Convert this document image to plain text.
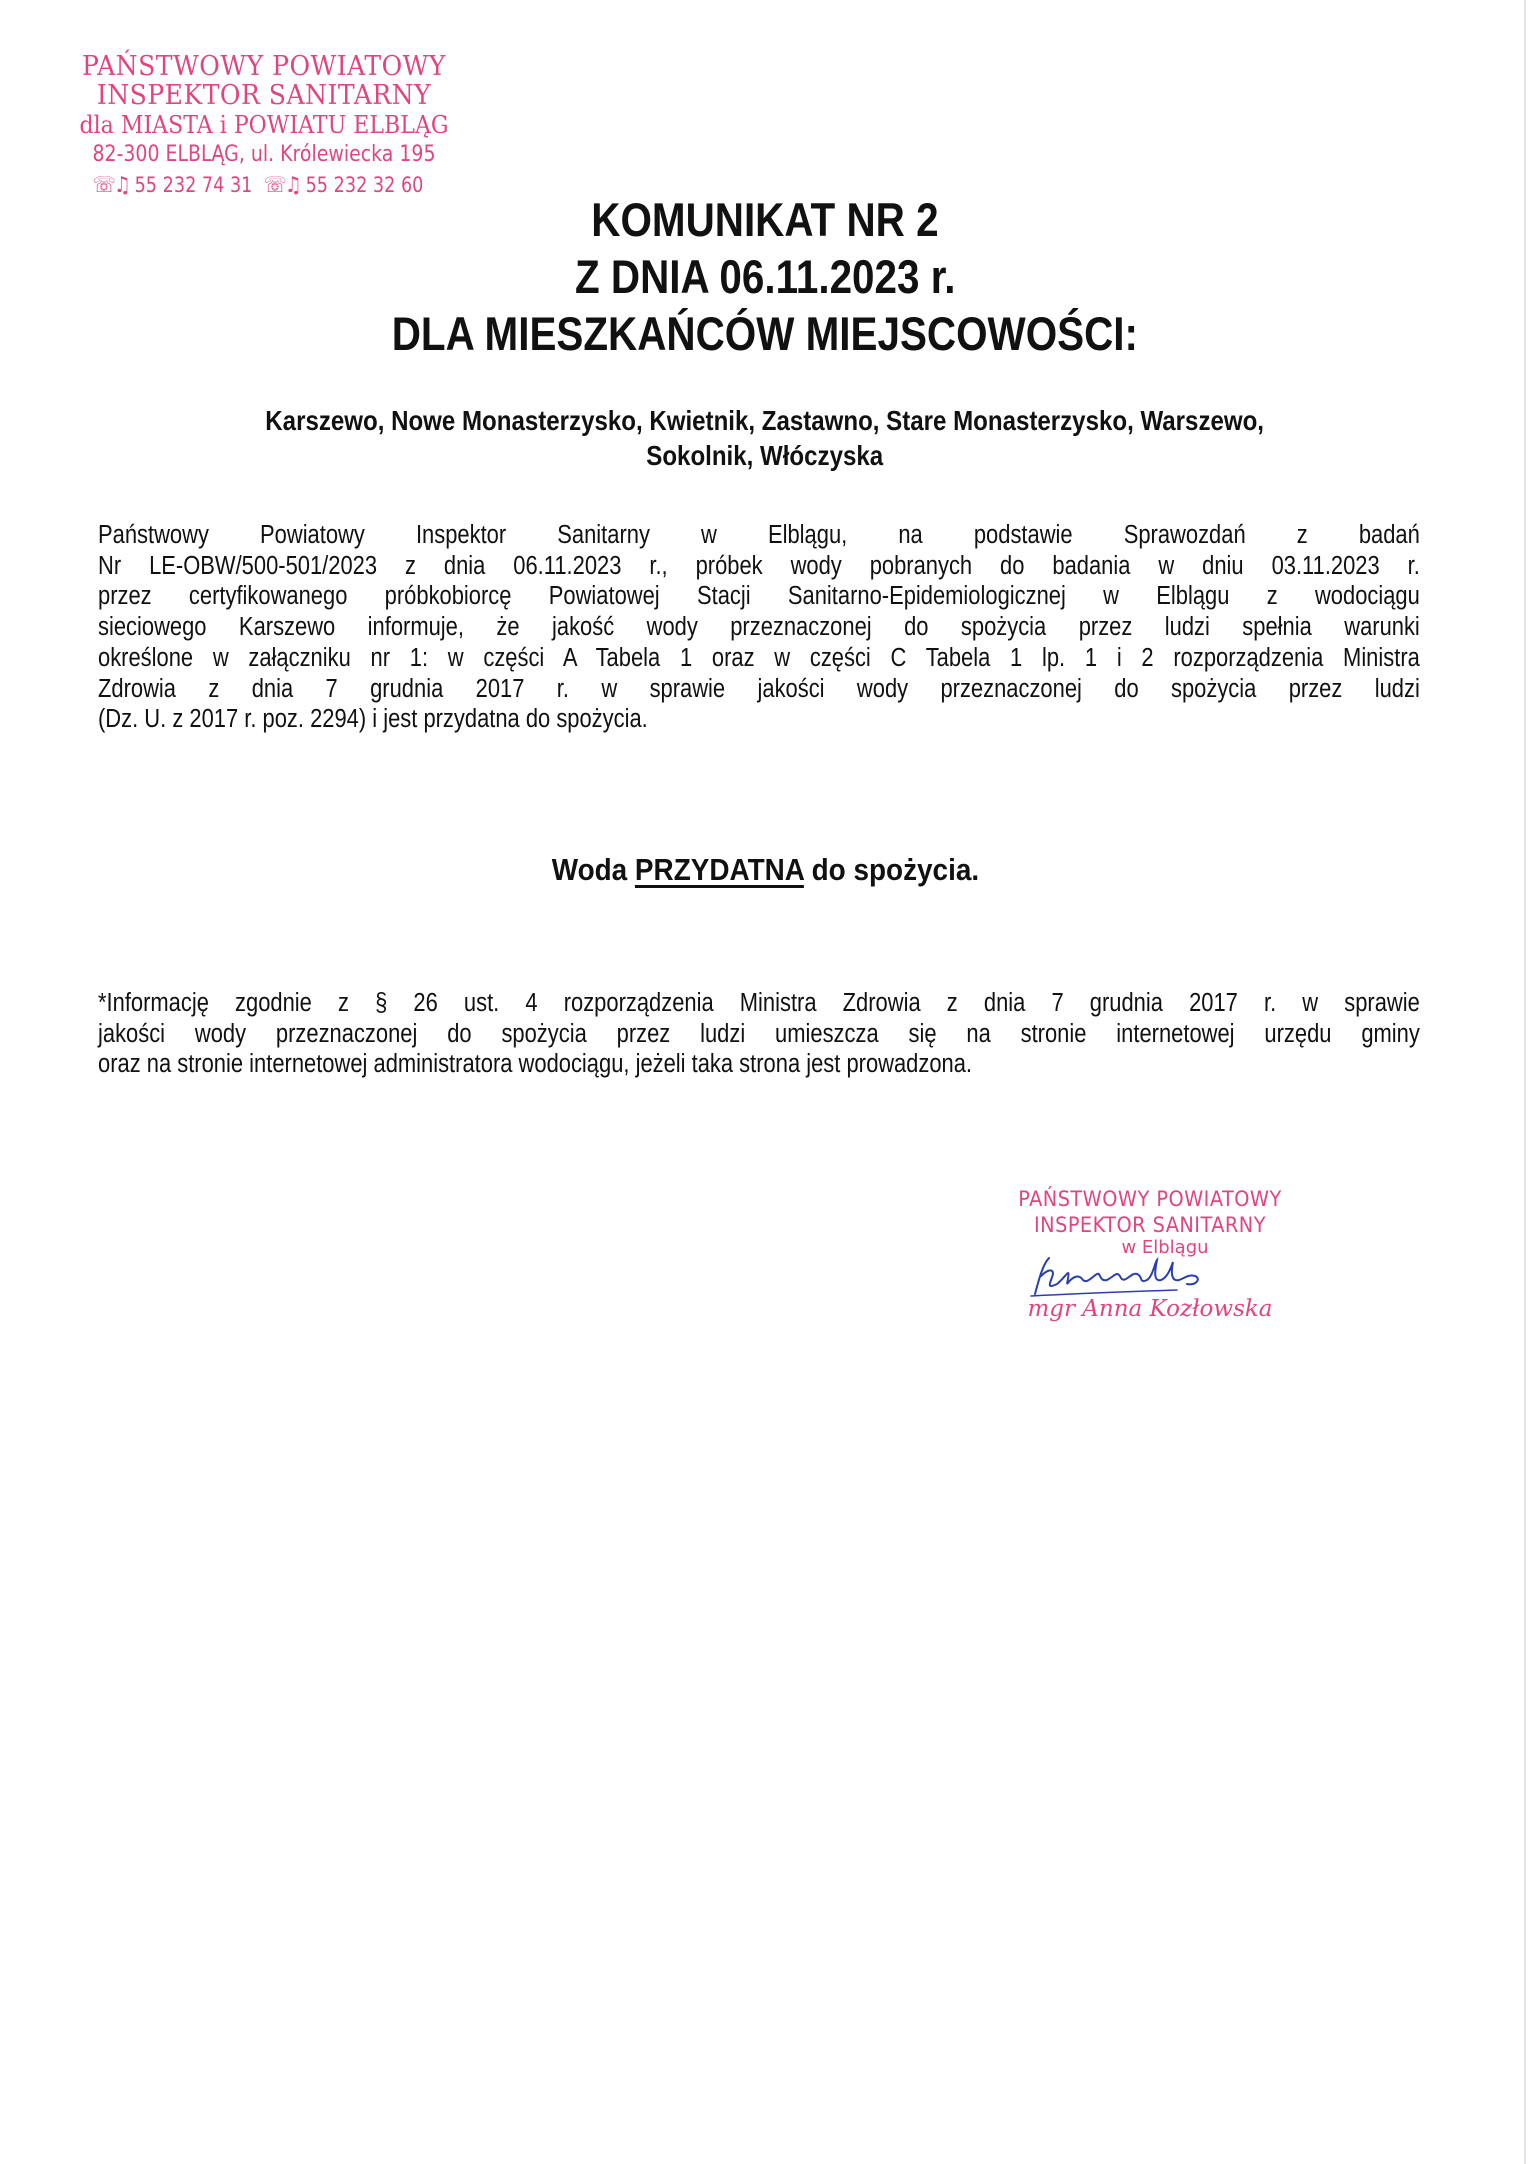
PAŃSTWOWY POWIATOWY
INSPEKTOR SANITARNY
dla MIASTA i POWIATU ELBLĄG
82-300 ELBLĄG, ul. Królewiecka 195
☏♫ 55 232 74 31 ☏♫ 55 232 32 60
KOMUNIKAT NR 2
Z DNIA 06.11.2023 r.
DLA MIESZKAŃCÓW MIEJSCOWOŚCI:
Karszewo, Nowe Monasterzysko, Kwietnik, Zastawno, Stare Monasterzysko, Warszewo,
Sokolnik, Włóczyska
Państwowy Powiatowy Inspektor Sanitarny w Elblągu, na podstawie Sprawozdań z badań
Nr LE-OBW/500-501/2023 z dnia 06.11.2023 r., próbek wody pobranych do badania w dniu 03.11.2023 r.
przez certyfikowanego próbkobiorcę Powiatowej Stacji Sanitarno-Epidemiologicznej w Elblągu z wodociągu
sieciowego Karszewo informuje, że jakość wody przeznaczonej do spożycia przez ludzi spełnia warunki
określone w załączniku nr 1: w części A Tabela 1 oraz w części C Tabela 1 lp. 1 i 2 rozporządzenia Ministra
Zdrowia z dnia 7 grudnia 2017 r. w sprawie jakości wody przeznaczonej do spożycia przez ludzi
(Dz. U. z 2017 r. poz. 2294) i jest przydatna do spożycia.
Woda PRZYDATNA do spożycia.
*Informację zgodnie z § 26 ust. 4 rozporządzenia Ministra Zdrowia z dnia 7 grudnia 2017 r. w sprawie
jakości wody przeznaczonej do spożycia przez ludzi umieszcza się na stronie internetowej urzędu gminy
oraz na stronie internetowej administratora wodociągu, jeżeli taka strona jest prowadzona.
PAŃSTWOWY POWIATOWY
INSPEKTOR SANITARNY
w Elblągu
mgr Anna Kozłowska
